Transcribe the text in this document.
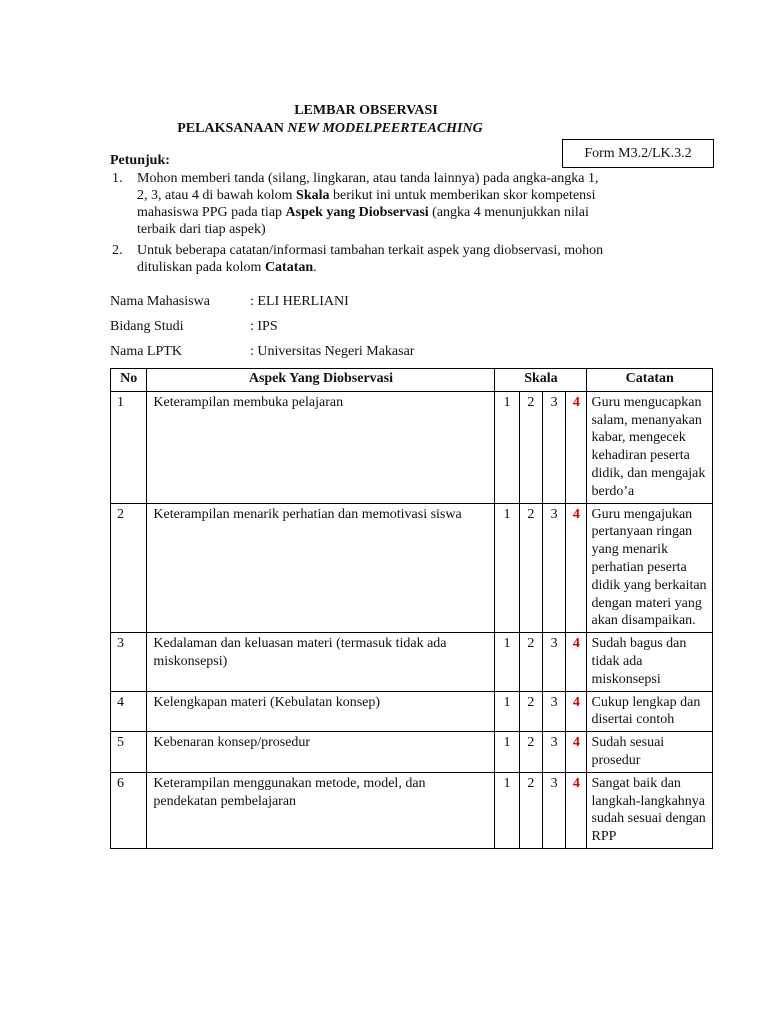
LEMBAR OBSERVASI
PELAKSANAAN NEW MODELPEERTEACHING
Form M3.2/LK.3.2
Petunjuk:
1.	Mohon memberi tanda (silang, lingkaran, atau tanda lainnya) pada angka-angka 1, 2, 3, atau 4 di bawah kolom Skala berikut ini untuk memberikan skor kompetensi mahasiswa PPG pada tiap Aspek yang Diobservasi (angka 4 menunjukkan nilai terbaik dari tiap aspek)
2.	Untuk beberapa catatan/informasi tambahan terkait aspek yang diobservasi, mohon dituliskan pada kolom Catatan.
Nama Mahasiswa	: ELI HERLIANI
Bidang Studi	: IPS
Nama LPTK	: Universitas Negeri Makasar
No	Aspek Yang Diobservasi	Skala				Catatan
1	Keterampilan membuka pelajaran	1	2	3	4	Guru mengucapkan salam, menanyakan kabar, mengecek kehadiran peserta didik, dan mengajak berdo’a
2	Keterampilan menarik perhatian dan memotivasi siswa	1	2	3	4	Guru mengajukan pertanyaan ringan yang menarik perhatian peserta didik yang berkaitan dengan materi yang akan disampaikan.
3	Kedalaman dan keluasan materi (termasuk tidak ada miskonsepsi)	1	2	3	4	Sudah bagus dan tidak ada miskonsepsi
4	Kelengkapan materi (Kebulatan konsep)	1	2	3	4	Cukup lengkap dan disertai contoh
5	Kebenaran konsep/prosedur	1	2	3	4	Sudah sesuai prosedur
6	Keterampilan menggunakan metode, model, dan pendekatan pembelajaran	1	2	3	4	Sangat baik dan langkah-langkahnya sudah sesuai dengan RPP
